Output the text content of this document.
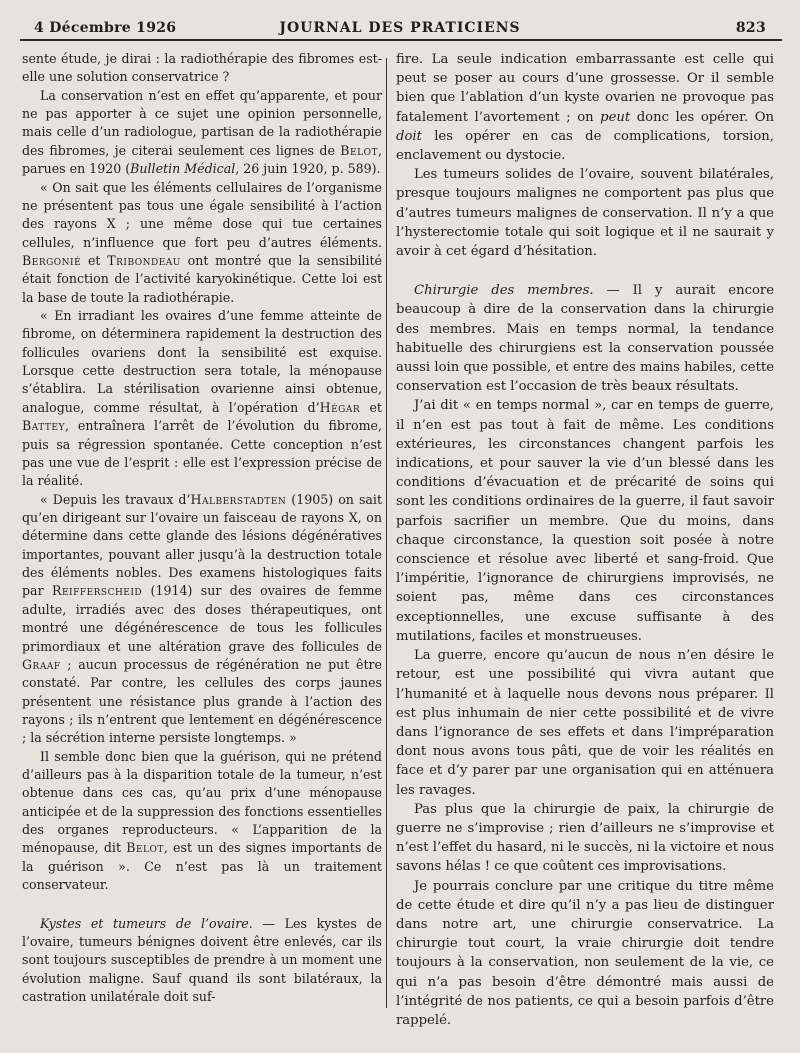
4 Décembre 1926	JOURNAL DES PRATICIENS	823

sente étude, je dirai : la radiothérapie des fibromes est-elle une solution conservatrice ?

La conservation n’est en effet qu’apparente, et pour ne pas apporter à ce sujet une opinion personnelle, mais celle d’un radiologue, partisan de la radiothérapie des fibromes, je citerai seulement ces lignes de Belot, parues en 1920 (Bulletin Médical, 26 juin 1920, p. 589).

« On sait que les éléments cellulaires de l’organisme ne présentent pas tous une égale sensibilité à l’action des rayons X ; une même dose qui tue certaines cellules, n’influence que fort peu d’autres éléments. Bergonié et Tribondeau ont montré que la sensibilité était fonction de l’activité karyokinétique. Cette loi est la base de toute la radiothérapie.

« En irradiant les ovaires d’une femme atteinte de fibrome, on déterminera rapidement la destruction des follicules ovariens dont la sensibilité est exquise. Lorsque cette destruction sera totale, la ménopause s’établira. La stérilisation ovarienne ainsi obtenue, analogue, comme résultat, à l’opération d’Hégar et Battey, entraînera l’arrêt de l’évolution du fibrome, puis sa régression spontanée. Cette conception n’est pas une vue de l’esprit : elle est l’expression précise de la réalité.

« Depuis les travaux d’Halberstadten (1905) on sait qu’en dirigeant sur l’ovaire un faisceau de rayons X, on détermine dans cette glande des lésions dégénératives importantes, pouvant aller jusqu’à la destruction totale des éléments nobles. Des examens histologiques faits par Reifferscheid (1914) sur des ovaires de femme adulte, irradiés avec des doses thérapeutiques, ont montré une dégénérescence de tous les follicules primordiaux et une altération grave des follicules de Graaf ; aucun processus de régénération ne put être constaté. Par contre, les cellules des corps jaunes présentent une résistance plus grande à l’action des rayons ; ils n’entrent que lentement en dégénérescence ; la sécrétion interne persiste longtemps. »

Il semble donc bien que la guérison, qui ne prétend d’ailleurs pas à la disparition totale de la tumeur, n’est obtenue dans ces cas, qu’au prix d’une ménopause anticipée et de la suppression des fonctions essentielles des organes reproducteurs. « L’apparition de la ménopause, dit Belot, est un des signes importants de la guérison ». Ce n’est pas là un traitement conservateur.

Kystes et tumeurs de l’ovaire. — Les kystes de l’ovaire, tumeurs bénignes doivent être enlevés, car ils sont toujours susceptibles de prendre à un moment une évolution maligne. Sauf quand ils sont bilatéraux, la castration unilatérale doit suf-

fire. La seule indication embarrassante est celle qui peut se poser au cours d’une grossesse. Or il semble bien que l’ablation d’un kyste ovarien ne provoque pas fatalement l’avortement ; on peut donc les opérer. On doit les opérer en cas de complications, torsion, enclavement ou dystocie.

Les tumeurs solides de l’ovaire, souvent bilatérales, presque toujours malignes ne comportent pas plus que d’autres tumeurs malignes de conservation. Il n’y a que l’hysterectomie totale qui soit logique et il ne saurait y avoir à cet égard d’hésitation.

Chirurgie des membres. — Il y aurait encore beaucoup à dire de la conservation dans la chirurgie des membres. Mais en temps normal, la tendance habituelle des chirurgiens est la conservation poussée aussi loin que possible, et entre des mains habiles, cette conservation est l’occasion de très beaux résultats.

J’ai dit « en temps normal », car en temps de guerre, il n’en est pas tout à fait de même. Les conditions extérieures, les circonstances changent parfois les indications, et pour sauver la vie d’un blessé dans les conditions d’évacuation et de précarité de soins qui sont les conditions ordinaires de la guerre, il faut savoir parfois sacrifier un membre. Que du moins, dans chaque circonstance, la question soit posée à notre conscience et résolue avec liberté et sang-froid. Que l’impéritie, l’ignorance de chirurgiens improvisés, ne soient pas, même dans ces circonstances exceptionnelles, une excuse suffisante à des mutilations, faciles et monstrueuses.

La guerre, encore qu’aucun de nous n’en désire le retour, est une possibilité qui vivra autant que l’humanité et à laquelle nous devons nous préparer. Il est plus inhumain de nier cette possibilité et de vivre dans l’ignorance de ses effets et dans l’impréparation dont nous avons tous pâti, que de voir les réalités en face et d’y parer par une organisation qui en atténuera les ravages.

Pas plus que la chirurgie de paix, la chirurgie de guerre ne s’improvise ; rien d’ailleurs ne s’improvise et n’est l’effet du hasard, ni le succès, ni la victoire et nous savons hélas ! ce que coûtent ces improvisations.

Je pourrais conclure par une critique du titre même de cette étude et dire qu’il n’y a pas lieu de distinguer dans notre art, une chirurgie conservatrice. La chirurgie tout court, la vraie chirurgie doit tendre toujours à la conservation, non seulement de la vie, ce qui n’a pas besoin d’être démontré mais aussi de l’intégrité de nos patients, ce qui a besoin parfois d’être rappelé.
